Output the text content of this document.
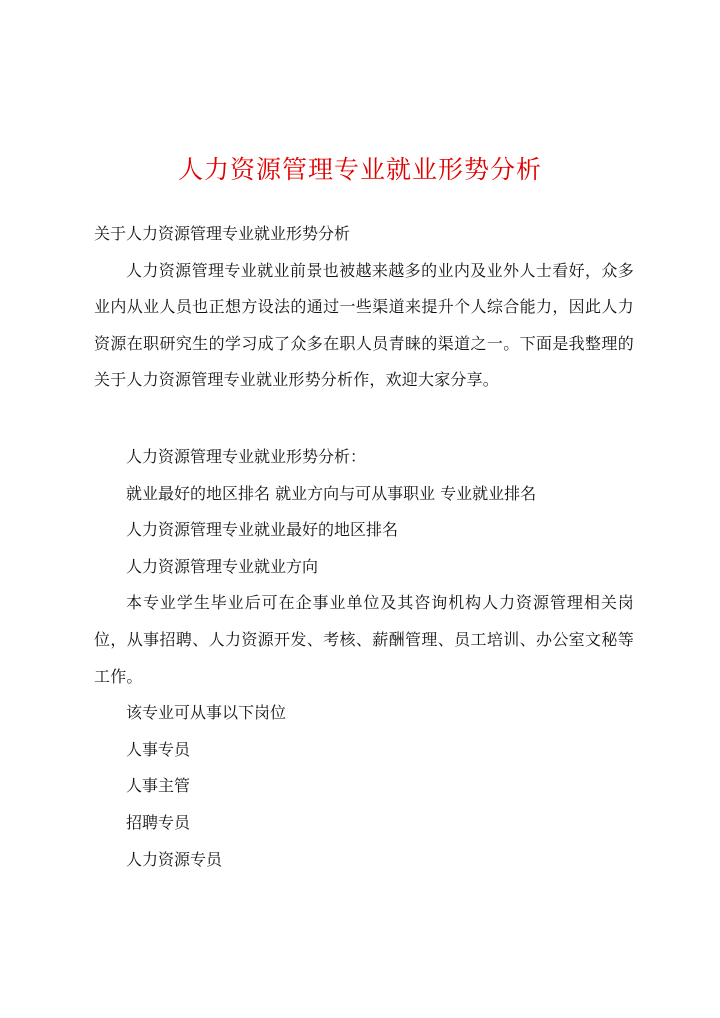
人力资源管理专业就业形势分析

关于人力资源管理专业就业形势分析

人力资源管理专业就业前景也被越来越多的业内及业外人士看好，众多业内从业人员也正想方设法的通过一些渠道来提升个人综合能力，因此人力资源在职研究生的学习成了众多在职人员青睐的渠道之一。下面是我整理的关于人力资源管理专业就业形势分析作，欢迎大家分享。

人力资源管理专业就业形势分析：

就业最好的地区排名 就业方向与可从事职业 专业就业排名

人力资源管理专业就业最好的地区排名

人力资源管理专业就业方向

本专业学生毕业后可在企事业单位及其咨询机构人力资源管理相关岗位，从事招聘、人力资源开发、考核、薪酬管理、员工培训、办公室文秘等工作。

该专业可从事以下岗位

人事专员

人事主管

招聘专员

人力资源专员
